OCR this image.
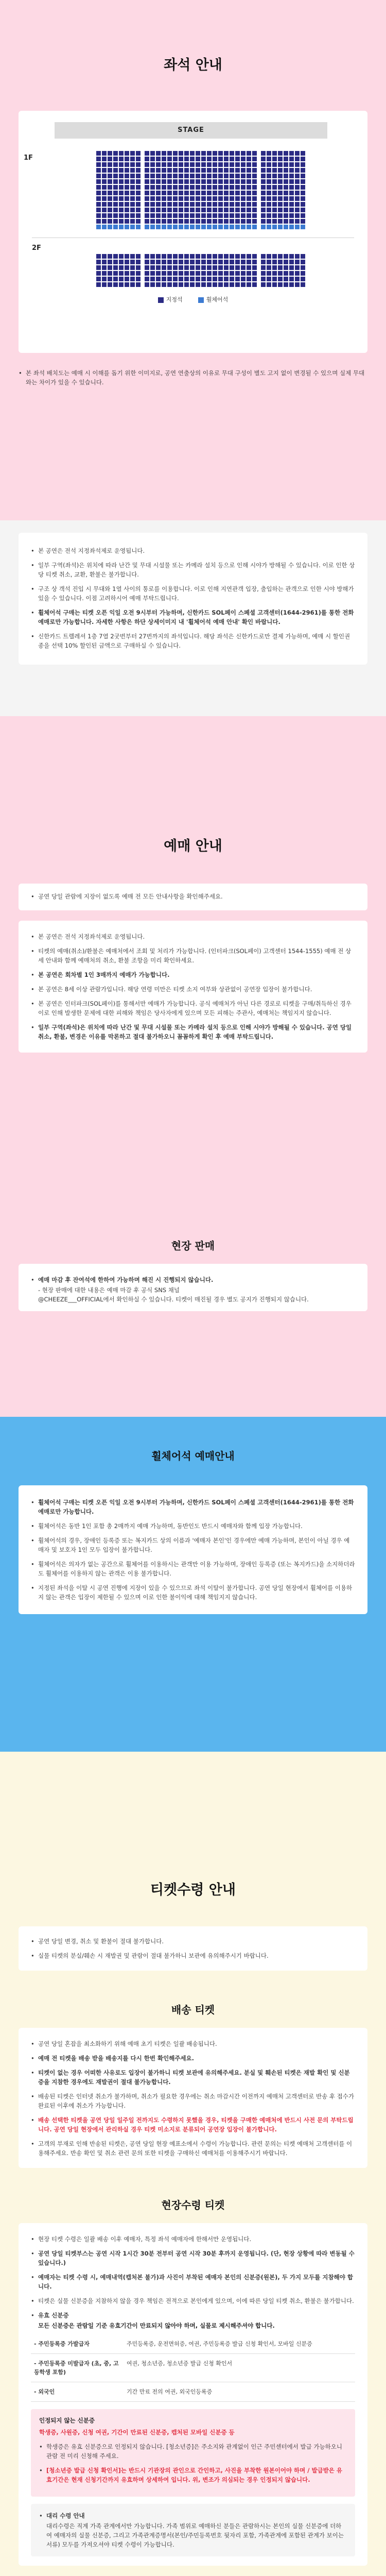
좌석 안내
STAGE
1F
2F
지정석	휠체어석
• 본 좌석 배치도는 예매 시 이해를 돕기 위한 이미지로, 공연 연출상의 이유로 무대 구성이 별도 고지 없이 변경될 수 있으며 실제 무대와는 차이가 있을 수 있습니다.
• 본 공연은 전석 지정좌석제로 운영됩니다.
• 일부 구역(좌석)은 위치에 따라 난간 및 무대 시설물 또는 카메라 설치 등으로 인해 시야가 방해될 수 있습니다. 이로 인한 상당 티켓 취소, 교환, 환불은 불가합니다.
• 구조 상 객석 진입 시 무대와 1열 사이의 통로를 이용합니다. 이로 인해 지연관객 입장, 출입하는 관객으로 인한 시야 방해가 있을 수 있습니다. 이점 고려하시어 예매 부탁드립니다.
• 휠체어석 구매는 티켓 오픈 익일 오전 9시부터 가능하며, 신한카드 SOL페이 스페셜 고객센터(1644-2961)를 통한 전화예매로만 가능합니다. 자세한 사항은 하단 상세이미지 내 '휠체어석 예매 안내' 확인 바랍니다.
• 신한카드 트렐레셔 1층 7열 2굿번부터 27번까지의 좌석입니다. 해당 좌석은 신한카드로만 결제 가능하며, 예매 시 할인권종을 선택 10% 할인된 금액으로 구매하실 수 있습니다.
예매 안내
• 공연 당일 관람에 지장이 없도록 예매 전 모든 안내사항을 확인해주세요.
• 본 공연은 전석 지정좌석제로 운영됩니다.
• 티켓의 예매(취소)/환불은 예매처에서 조회 및 처리가 가능합니다. (인터파크(SOL페이) 고객센터 1544-1555) 예매 전 상세 안내와 함께 예매처의 취소, 환불 조항을 미리 확인하세요.
• 본 공연은 회차별 1인 3매까지 예매가 가능합니다.
• 본 공연은 8세 이상 관람가입니다. 해당 연령 미만은 티켓 소지 여부와 상관없이 공연장 입장이 불가합니다.
• 본 공연은 인터파크(SOL페이)를 통해서만 예매가 가능합니다. 공식 예매처가 아닌 다른 경로로 티켓을 구매/취득하신 경우 이로 인해 발생한 문제에 대한 피해와 책임은 당사자에게 있으며 모든 피해는 주관사, 예매처는 책임지지 않습니다.
• 일부 구역(좌석)은 위치에 따라 난간 및 무대 시설물 또는 카메라 설치 등으로 인해 시야가 방해될 수 있습니다. 공연 당일 취소, 환불, 변경은 이유를 막론하고 절대 불가하오니 꼼꼼하게 확인 후 예매 부탁드립니다.
현장 판매
• 예매 마감 후 잔여석에 한하여 가능하며 해진 시 진행되지 않습니다.
- 현장 판매에 대한 내용은 예매 마감 후 공식 SNS 채널
@CHEEZE___OFFICIAL에서 확인하실 수 있습니다. 티켓이 매진될 경우 별도 공지가 진행되지 않습니다.
휠체어석 예매안내
• 휠체어석 구매는 티켓 오픈 익일 오전 9시부터 가능하며, 신한카드 SOL페이 스페셜 고객센터(1644-2961)를 통한 전화예매로만 가능합니다.
• 휠체어석은 동반 1인 포함 총 2매까지 예매 가능하며, 동반인도 반드시 예매자와 함께 입장 가능합니다.
• 휠체어석의 경우, 장애인 등록증 또는 복지카드 상의 이름과 '예매자 본인'인 경우에만 예매 가능하며, 본인이 아닐 경우 예매자 및 보호자 1인 모두 입장이 불가합니다.
• 휠체어석은 의자가 없는 공간으로 휠체어를 이용하시는 관객만 이용 가능하며, 장애인 등록증 (또는 복지카드)을 소지하더라도 휠체어를 이용하지 않는 관객은 이용 불가합니다.
• 지정된 좌석을 이탈 시 공연 진행에 지장이 있을 수 있으므로 좌석 이탈이 불가합니다. 공연 당일 현장에서 휠체어를 이용하지 않는 관객은 입장이 제한될 수 있으며 이로 인한 불이익에 대해 책임지지 않습니다.
티켓수령 안내
• 공연 당일 변경, 취소 및 환불이 절대 불가합니다.
• 실물 티켓의 분실/훼손 시 재발권 및 관람이 절대 불가하니 보관에 유의해주시기 바랍니다.
배송 티켓
• 공연 당일 혼잡을 최소화하기 위해 예매 초기 티켓은 일괄 배송됩니다.
• 예매 전 티켓을 배송 받을 배송지를 다시 한번 확인해주세요.
• 티켓이 없는 경우 어떠한 사유로도 입장이 불가하니 티켓 보관에 유의해주세요. 분실 및 훼손된 티켓은 재발 확인 및 신분증을 지참한 경우에도 재발권이 절대 불가능합니다.
• 배송된 티켓은 인터넷 취소가 불가하며, 취소가 필요한 경우에는 취소 마감시간 이전까지 예매처 고객센터로 반송 후 접수가 완료된 이후에 취소가 가능합니다.
• 배송 선택한 티켓을 공연 당일 일주일 전까지도 수령하지 못했을 경우, 티켓을 구매한 예매처에 반드시 사전 문의 부탁드립니다. 공연 당일 현장에서 관리하실 경우 티켓 미소지로 분류되어 공연장 입장이 불가합니다.
• 고객의 부재로 인해 반송된 티켓은, 공연 당일 현장 예표소에서 수령이 가능합니다. 관련 문의는 티켓 예매처 고객센터를 이용해주세요. 반송 확인 및 취소 관련 문의 또한 티켓을 구매하신 예매처를 이용해주시기 바랍니다.
현장수령 티켓
• 현장 티켓 수령은 일괄 배송 이후 예매자, 특정 좌석 예매자에 한해서만 운영됩니다.
• 공연 당일 티켓부스는 공연 시작 1시간 30분 전부터 공연 시작 30분 후까지 운영됩니다. (단, 현장 상황에 따라 변동될 수 있습니다.)
• 예매자는 티켓 수령 시, 예매내역(캡처본 불가)과 사진이 부착된 예매자 본인의 신분증(원본), 두 가지 모두를 지참해야 합니다.
• 티켓은 실물 신분증을 지참하지 않을 경우 책임은 전적으로 본인에게 있으며, 이에 따른 당일 티켓 취소, 환불은 불가합니다.
• 유효 신분증
모든 신분증은 관람일 기준 유효기간이 만료되지 않아야 하며, 실물로 제시해주셔야 합니다.
- 주민등록증 가발급자	주민등록증, 운전면허증, 여권, 주민등록증 발급 신청 확인서, 모바일 신분증
- 주민등록증 미발급자 (초, 중, 고등학생 포함)	여권, 청소년증, 청소년증 발급 신청 확인서
- 외국인	기간 만료 전의 여권, 외국인등록증
인정되지 않는 신분증
학생증, 사원증, 신청 여권, 기간이 만료된 신분증, 캡처된 모바일 신분증 등
• 학생증은 유효 신분증으로 인정되지 않습니다. [청소년증]은 주소지와 관계없이 인근 주민센터에서 발급 가능하오니 관람 전 미리 신청해 주세요.
• [청소년증 발급 신청 확인서]는 반드시 기관장의 관인으로 간인하고, 사진을 부착한 원본이어야 하며 / 발급받은 유효기간은 현재 신청기간까지 유효하며 상세하여 입니다. 위, 변조가 의심되는 경우 인정되지 않습니다.
• 대리 수령 안내
대리수령은 직계 가족 관계에서만 가능합니다. 가족 범위로 예매하신 분들은 관람하시는 본인의 실물 신분증에 더하여 예매자의 실물 신분증, 그리고 가족관계증명서(본인/주민등록번호 뒷자리 포함, 가족관계에 포함된 관계가 보이는 서류) 모두를 가져오셔야 티켓 수령이 가능합니다.
